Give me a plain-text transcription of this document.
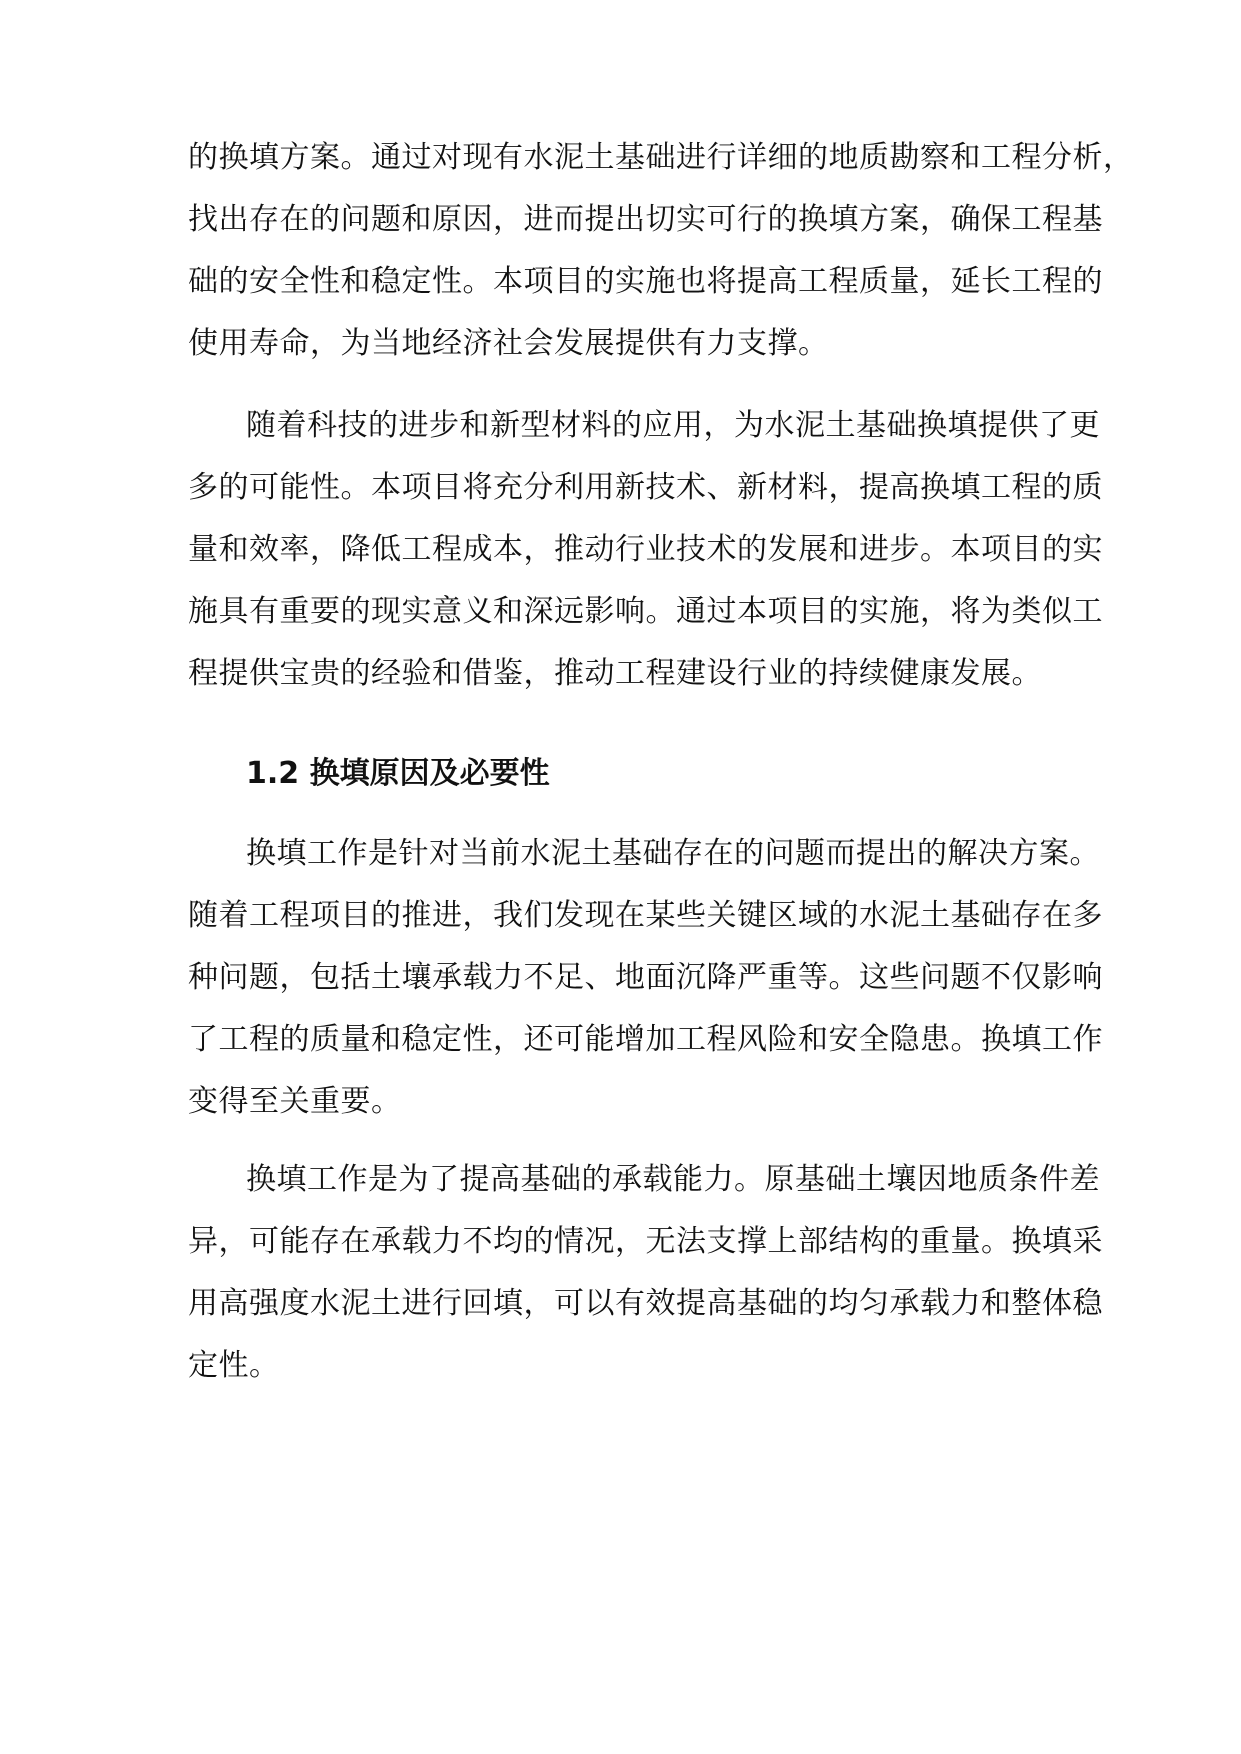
的换填方案。通过对现有水泥土基础进行详细的地质勘察和工程分析，
找出存在的问题和原因，进而提出切实可行的换填方案，确保工程基
础的安全性和稳定性。本项目的实施也将提高工程质量，延长工程的
使用寿命，为当地经济社会发展提供有力支撑。
随着科技的进步和新型材料的应用，为水泥土基础换填提供了更
多的可能性。本项目将充分利用新技术、新材料，提高换填工程的质
量和效率，降低工程成本，推动行业技术的发展和进步。本项目的实
施具有重要的现实意义和深远影响。通过本项目的实施，将为类似工
程提供宝贵的经验和借鉴，推动工程建设行业的持续健康发展。
1.2 换填原因及必要性
换填工作是针对当前水泥土基础存在的问题而提出的解决方案。
随着工程项目的推进，我们发现在某些关键区域的水泥土基础存在多
种问题，包括土壤承载力不足、地面沉降严重等。这些问题不仅影响
了工程的质量和稳定性，还可能增加工程风险和安全隐患。换填工作
变得至关重要。
换填工作是为了提高基础的承载能力。原基础土壤因地质条件差
异，可能存在承载力不均的情况，无法支撑上部结构的重量。换填采
用高强度水泥土进行回填，可以有效提高基础的均匀承载力和整体稳
定性。
